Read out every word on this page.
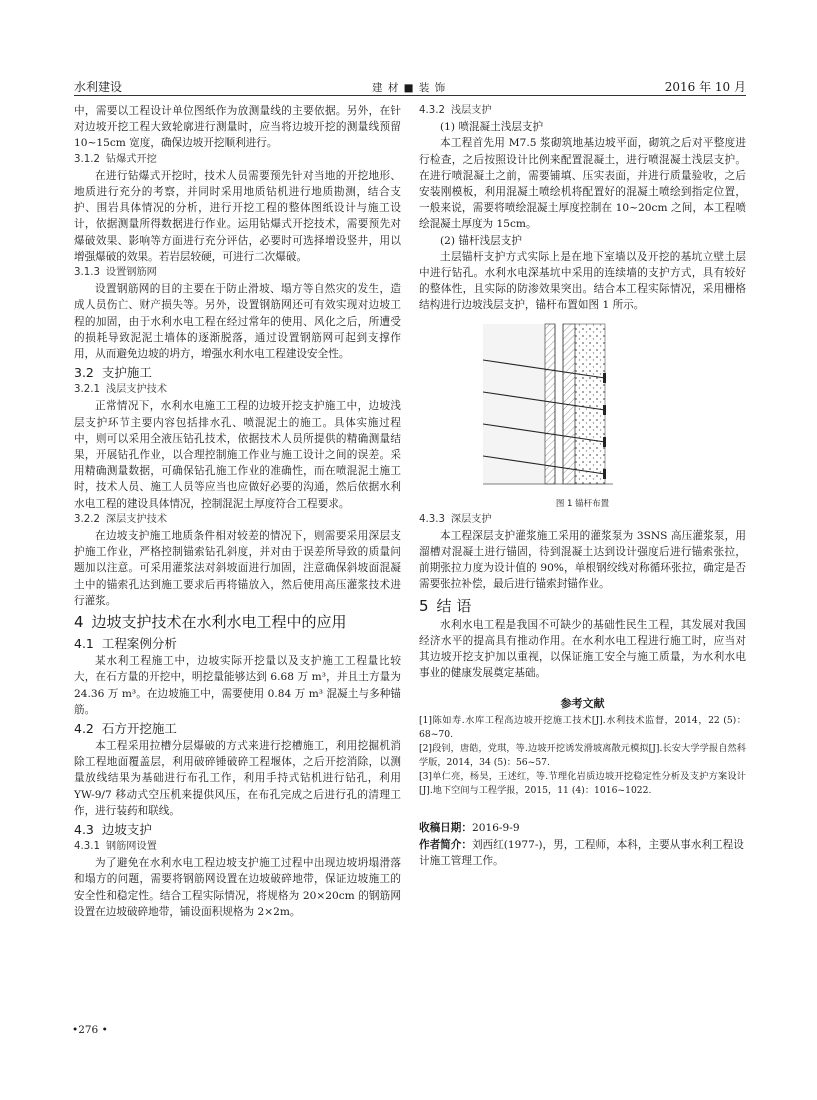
水利建设	建 材 ■ 装 饰	2016 年 10 月

中，需要以工程设计单位图纸作为放测量线的主要依据。另外，在针对边坡开挖工程大致轮廓进行测量时，应当将边坡开挖的测量线预留 10~15cm 宽度，确保边坡开挖顺利进行。

3.1.2 钻爆式开挖

在进行钻爆式开挖时，技术人员需要预先针对当地的开挖地形、地质进行充分的考察，并同时采用地质钻机进行地质勘测，结合支护、围岩具体情况的分析，进行开挖工程的整体图纸设计与施工设计，依据测量所得数据进行作业。运用钻爆式开挖技术，需要预先对爆破效果、影响等方面进行充分评估，必要时可选择增设竖井，用以增强爆破的效果。若岩层较硬，可进行二次爆破。

3.1.3 设置钢筋网

设置钢筋网的目的主要在于防止滑坡、塌方等自然灾的发生，造成人员伤亡、财产损失等。另外，设置钢筋网还可有效实现对边坡工程的加固，由于水利水电工程在经过常年的使用、风化之后，所遭受的损耗导致泥泥土墙体的逐渐脱落，通过设置钢筋网可起到支撑作用，从而避免边坡的坍方，增强水利水电工程建设安全性。

3.2 支护施工
3.2.1 浅层支护技术

正常情况下，水利水电施工工程的边坡开挖支护施工中，边坡浅层支护环节主要内容包括排水孔、喷混泥土的施工。具体实施过程中，则可以采用全液压钻孔技术，依据技术人员所提供的精确测量结果，开展钻孔作业，以合理控制施工作业与施工设计之间的误差。采用精确测量数据，可确保钻孔施工作业的准确性，而在喷混泥土施工时，技术人员、施工人员等应当也应做好必要的沟通，然后依据水利水电工程的建设具体情况，控制混泥土厚度符合工程要求。

3.2.2 深层支护技术

在边坡支护施工地质条件相对较差的情况下，则需要采用深层支护施工作业，严格控制锚索钻孔斜度，并对由于误差所导致的质量问题加以注意。可采用灌浆法对斜坡面进行加固，注意确保斜坡面混凝土中的锚索孔达到施工要求后再将锚放入，然后使用高压灌浆技术进行灌浆。

4 边坡支护技术在水利水电工程中的应用
4.1 工程案例分析

某水利工程施工中，边坡实际开挖量以及支护施工工程量比较大，在石方量的开挖中，明挖量能够达到 6.68 万 m³，并且土方量为 24.36 万 m³。在边坡施工中，需要使用 0.84 万 m³ 混凝土与多种锚筋。

4.2 石方开挖施工

本工程采用拉槽分层爆破的方式来进行挖槽施工，利用挖掘机消除工程地面覆盖层，利用破碎锤破碎工程堰体，之后开挖消除，以测量放线结果为基础进行布孔工作，利用手持式钻机进行钻孔，利用 YW-9/7 移动式空压机来提供风压，在布孔完成之后进行孔的清理工作，进行装药和联线。

4.3 边坡支护
4.3.1 钢筋网设置

为了避免在水利水电工程边坡支护施工过程中出现边坡坍塌滑落和塌方的问题，需要将钢筋网设置在边坡破碎地带，保证边坡施工的安全性和稳定性。结合工程实际情况，将规格为 20×20cm 的钢筋网设置在边坡破碎地带，铺设面积规格为 2×2m。

4.3.2 浅层支护
(1) 喷混凝土浅层支护

本工程首先用 M7.5 浆砌筑地基边坡平面，砌筑之后对平整度进行检查，之后按照设计比例来配置混凝土，进行喷混凝土浅层支护。在进行喷混凝土之前，需要铺填、压实表面，并进行质量验收，之后安装刚模板，利用混凝土喷绘机将配置好的混凝土喷绘到指定位置，一般来说，需要将喷绘混凝土厚度控制在 10~20cm 之间，本工程喷绘混凝土厚度为 15cm。

(2) 锚杆浅层支护

土层锚杆支护方式实际上是在地下室墙以及开挖的基坑立壁土层中进行钻孔。水利水电深基坑中采用的连续墙的支护方式，具有较好的整体性，且实际的防渗效果突出。结合本工程实际情况，采用栅格结构进行边坡浅层支护，锚杆布置如图 1 所示。

图 1 锚杆布置
4.3.3 深层支护

本工程深层支护灌浆施工采用的灌浆泵为 3SNS 高压灌浆泵，用溜槽对混凝土进行锚固，待到混凝土达到设计强度后进行锚索张拉，前期张拉力度为设计值的 90%，单根钢绞线对称循环张拉，确定是否需要张拉补偿，最后进行锚索封锚作业。

5 结 语

水利水电工程是我国不可缺少的基础性民生工程，其发展对我国经济水平的提高具有推动作用。在水利水电工程进行施工时，应当对其边坡开挖支护加以重视，以保证施工安全与施工质量，为水利水电事业的健康发展奠定基础。

参考文献
[1]陈如寿.水库工程高边坡开挖施工技术[J].水利技术监督，2014，22 (5)：68~70.
[2]段钊，唐皓，党琪，等.边坡开挖诱发滑坡离散元模拟[J].长安大学学报自然科学版，2014，34 (5)：56~57.
[3]单仁亮，杨昊，王述红，等.节理化岩质边坡开挖稳定性分析及支护方案设计[J].地下空间与工程学报，2015，11 (4)：1016~1022.
收稿日期：2016-9-9
作者简介：刘西红(1977-)，男，工程师，本科，主要从事水利工程设计施工管理工作。
•276 •
